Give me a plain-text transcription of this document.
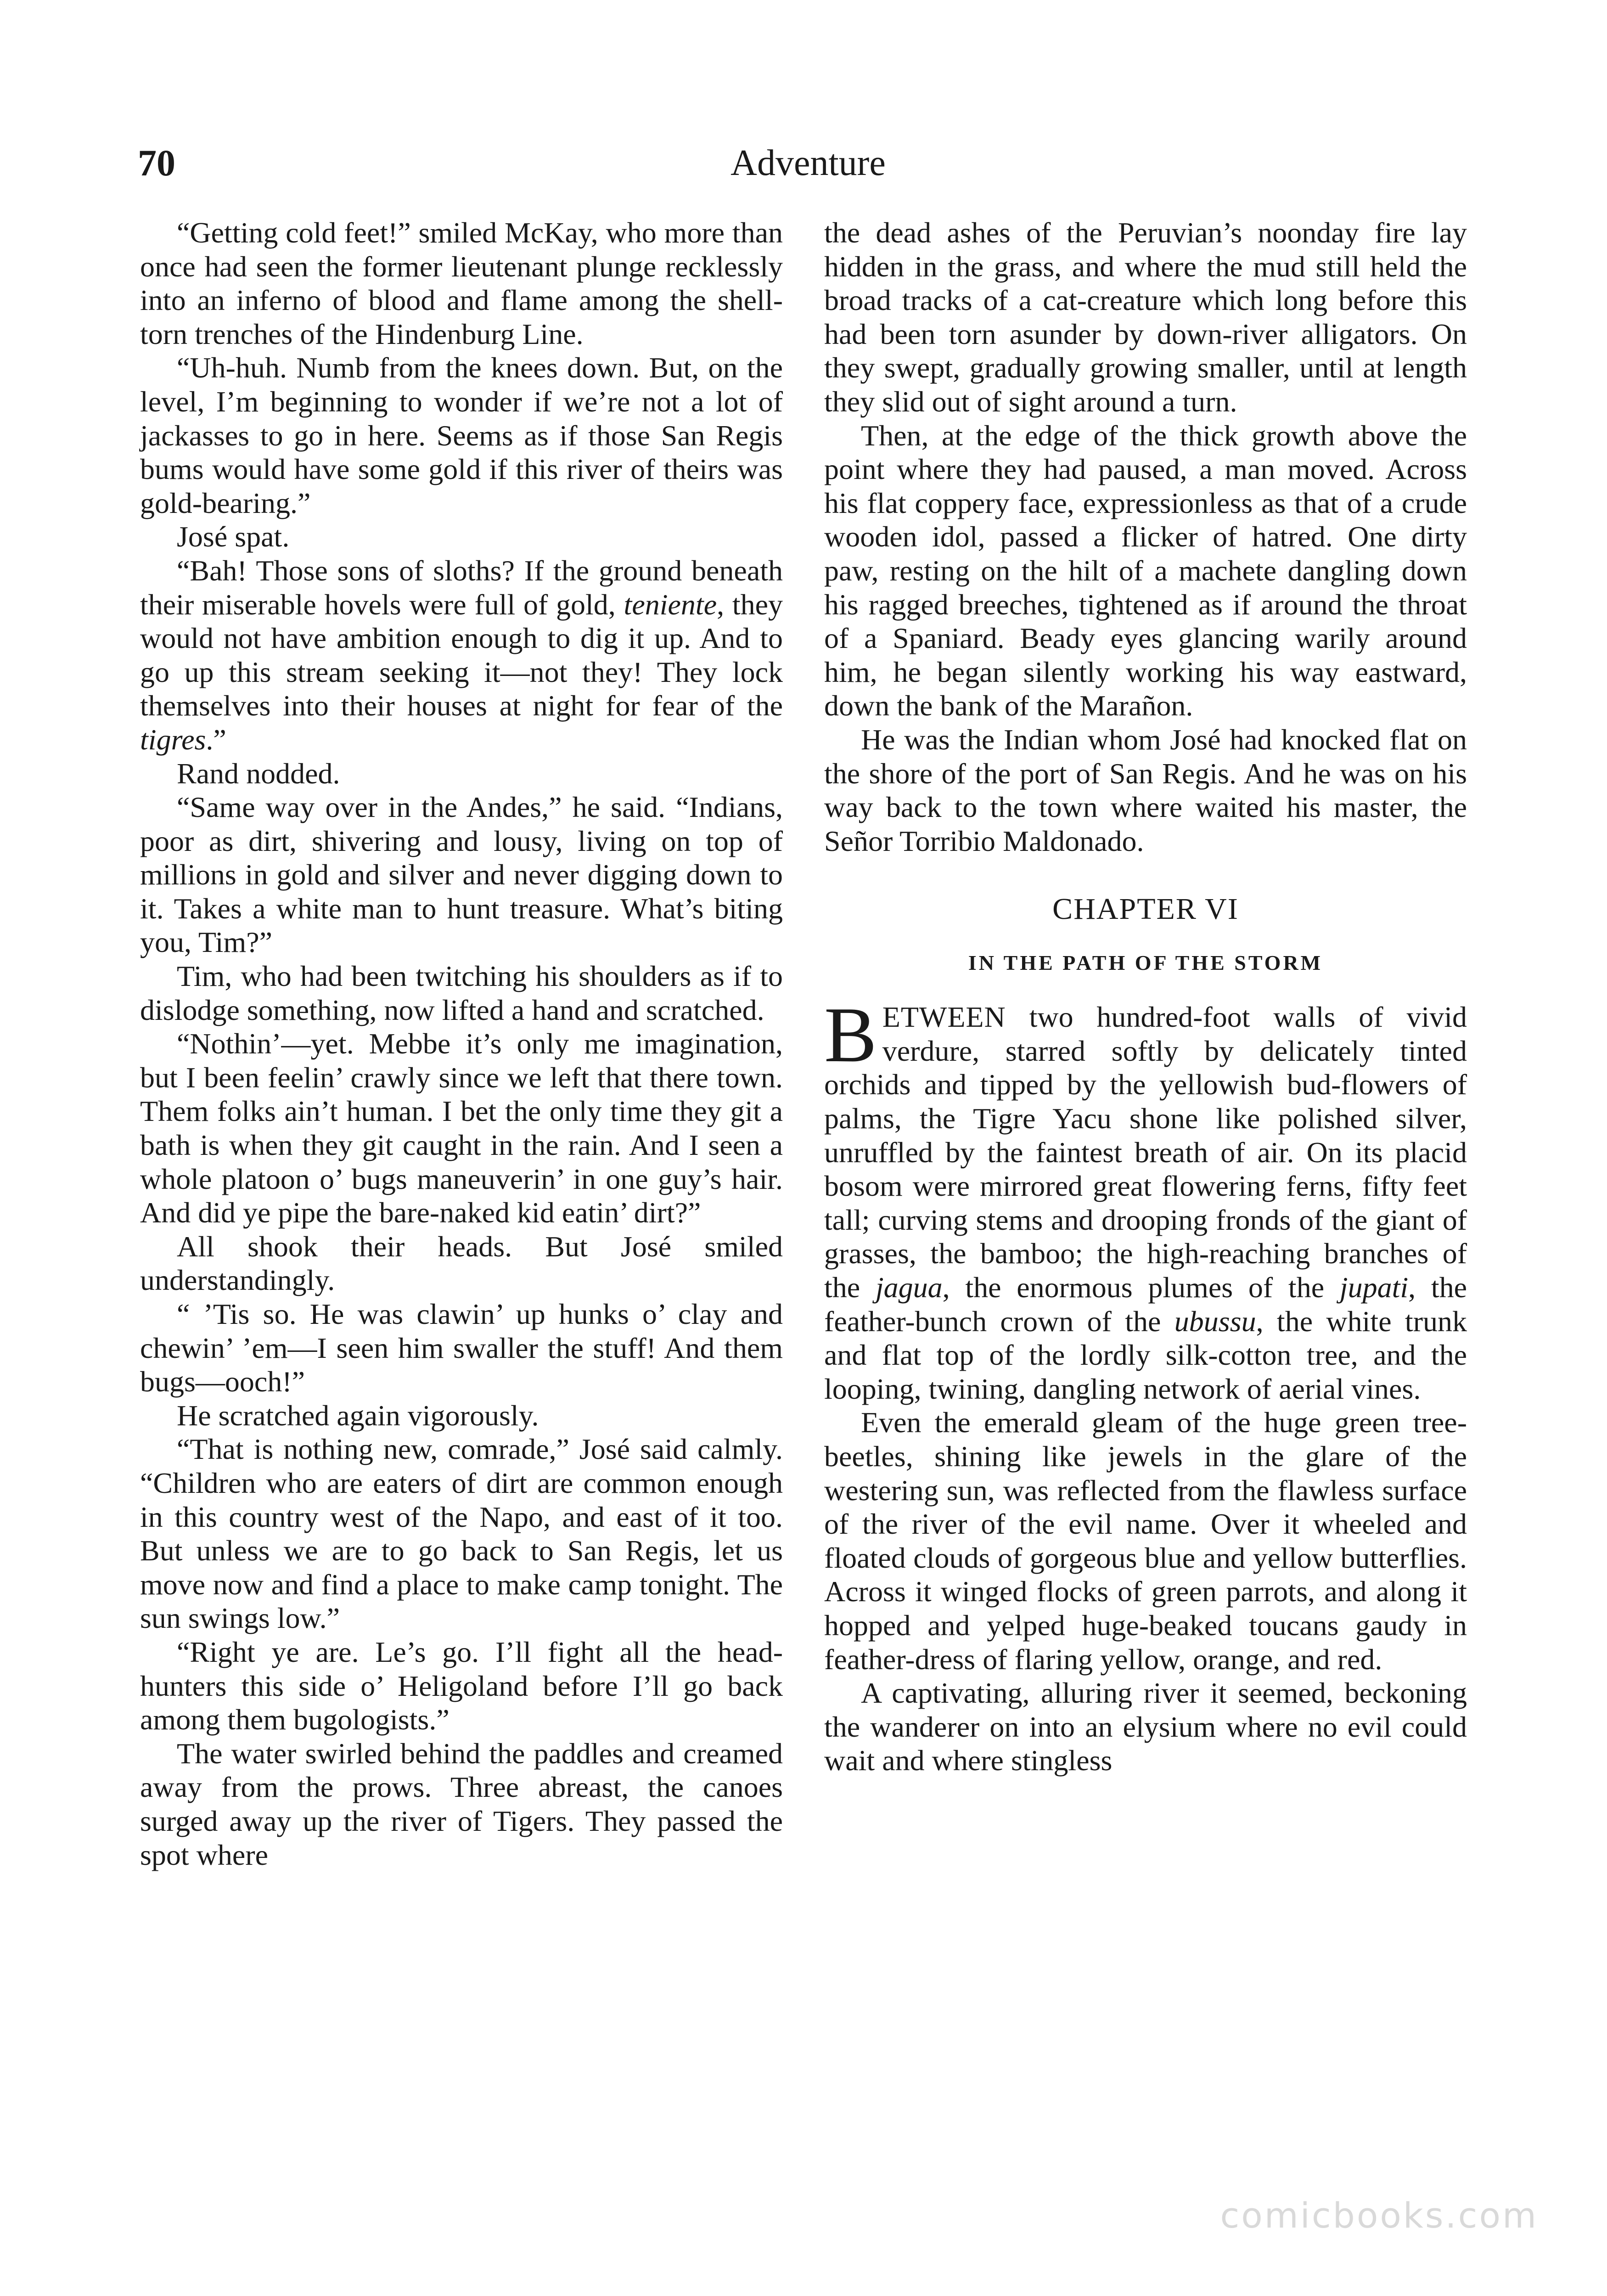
70	Adventure

“Getting cold feet!” smiled McKay, who more than once had seen the former lieutenant plunge recklessly into an inferno of blood and flame among the shell-torn trenches of the Hindenburg Line.

“Uh-huh. Numb from the knees down. But, on the level, I’m beginning to wonder if we’re not a lot of jackasses to go in here. Seems as if those San Regis bums would have some gold if this river of theirs was gold-bearing.”

José spat.

“Bah! Those sons of sloths? If the ground beneath their miserable hovels were full of gold, teniente, they would not have ambition enough to dig it up. And to go up this stream seeking it—not they! They lock themselves into their houses at night for fear of the tigres.”

Rand nodded.

“Same way over in the Andes,” he said. “Indians, poor as dirt, shivering and lousy, living on top of millions in gold and silver and never digging down to it. Takes a white man to hunt treasure. What’s biting you, Tim?”

Tim, who had been twitching his shoulders as if to dislodge something, now lifted a hand and scratched.

“Nothin’—yet. Mebbe it’s only me imagination, but I been feelin’ crawly since we left that there town. Them folks ain’t human. I bet the only time they git a bath is when they git caught in the rain. And I seen a whole platoon o’ bugs maneuverin’ in one guy’s hair. And did ye pipe the bare-naked kid eatin’ dirt?”

All shook their heads. But José smiled understandingly.

“ ’Tis so. He was clawin’ up hunks o’ clay and chewin’ ’em—I seen him swaller the stuff! And them bugs—ooch!”

He scratched again vigorously.

“That is nothing new, comrade,” José said calmly. “Children who are eaters of dirt are common enough in this country west of the Napo, and east of it too. But unless we are to go back to San Regis, let us move now and find a place to make camp tonight. The sun swings low.”

“Right ye are. Le’s go. I’ll fight all the head-hunters this side o’ Heligoland before I’ll go back among them bugologists.”

The water swirled behind the paddles and creamed away from the prows. Three abreast, the canoes surged away up the river of Tigers. They passed the spot where

the dead ashes of the Peruvian’s noonday fire lay hidden in the grass, and where the mud still held the broad tracks of a cat-creature which long before this had been torn asunder by down-river alligators. On they swept, gradually growing smaller, until at length they slid out of sight around a turn.

Then, at the edge of the thick growth above the point where they had paused, a man moved. Across his flat coppery face, expressionless as that of a crude wooden idol, passed a flicker of hatred. One dirty paw, resting on the hilt of a machete dangling down his ragged breeches, tightened as if around the throat of a Spaniard. Beady eyes glancing warily around him, he began silently working his way eastward, down the bank of the Marañon.

He was the Indian whom José had knocked flat on the shore of the port of San Regis. And he was on his way back to the town where waited his master, the Señor Torribio Maldonado.

CHAPTER VI
IN THE PATH OF THE STORM

BETWEEN two hundred-foot walls of vivid verdure, starred softly by delicately tinted orchids and tipped by the yellowish bud-flowers of palms, the Tigre Yacu shone like polished silver, unruffled by the faintest breath of air. On its placid bosom were mirrored great flowering ferns, fifty feet tall; curving stems and drooping fronds of the giant of grasses, the bamboo; the high-reaching branches of the jagua, the enormous plumes of the jupati, the feather-bunch crown of the ubussu, the white trunk and flat top of the lordly silk-cotton tree, and the looping, twining, dangling network of aerial vines.

Even the emerald gleam of the huge green tree-beetles, shining like jewels in the glare of the westering sun, was reflected from the flawless surface of the river of the evil name. Over it wheeled and floated clouds of gorgeous blue and yellow butterflies. Across it winged flocks of green parrots, and along it hopped and yelped huge-beaked toucans gaudy in feather-dress of flaring yellow, orange, and red.

A captivating, alluring river it seemed, beckoning the wanderer on into an elysium where no evil could wait and where stingless

comicbooks.com
